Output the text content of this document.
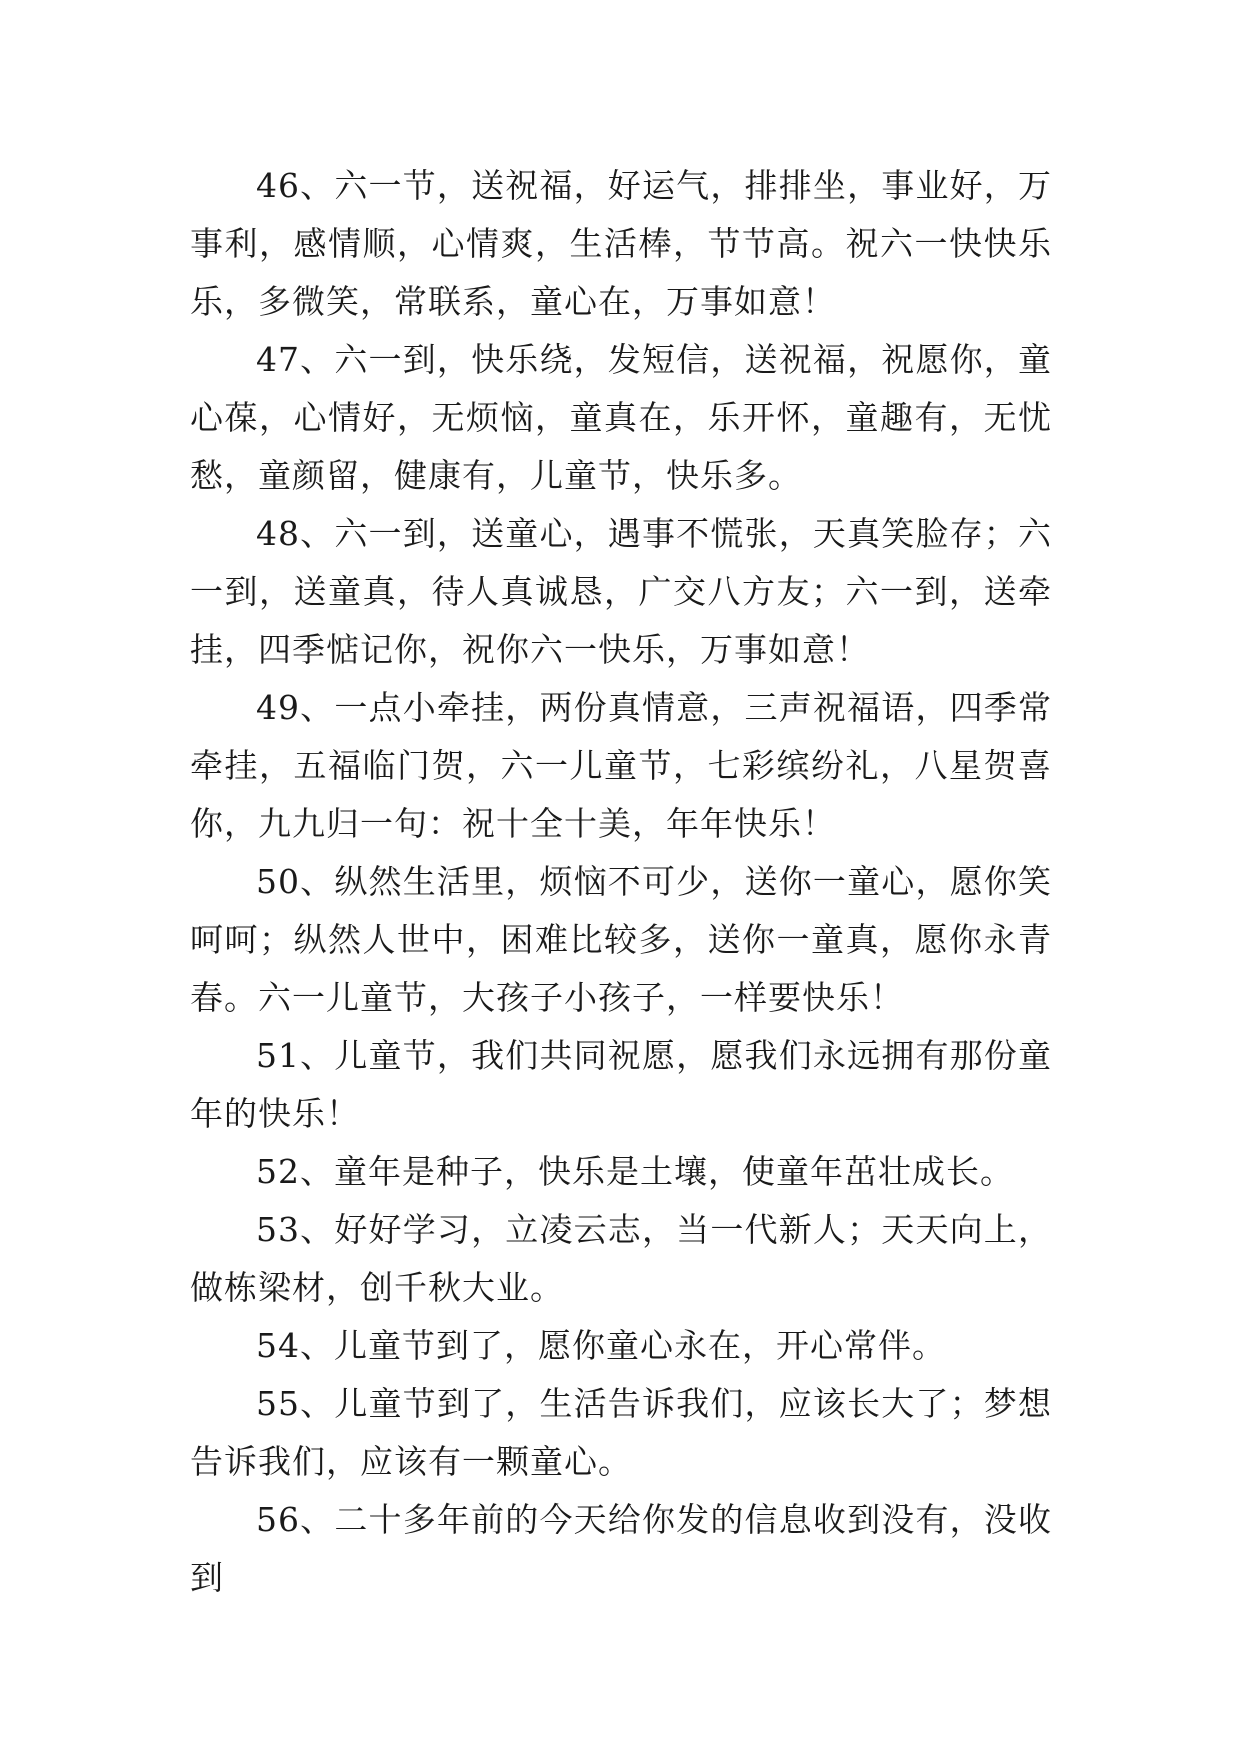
46、六一节，送祝福，好运气，排排坐，事业好，万事利，感情顺，心情爽，生活棒，节节高。祝六一快快乐乐，多微笑，常联系，童心在，万事如意！

47、六一到，快乐绕，发短信，送祝福，祝愿你，童心葆，心情好，无烦恼，童真在，乐开怀，童趣有，无忧愁，童颜留，健康有，儿童节，快乐多。

48、六一到，送童心，遇事不慌张，天真笑脸存；六一到，送童真，待人真诚恳，广交八方友；六一到，送牵挂，四季惦记你，祝你六一快乐，万事如意！

49、一点小牵挂，两份真情意，三声祝福语，四季常牵挂，五福临门贺，六一儿童节，七彩缤纷礼，八星贺喜你，九九归一句：祝十全十美，年年快乐！

50、纵然生活里，烦恼不可少，送你一童心，愿你笑呵呵；纵然人世中，困难比较多，送你一童真，愿你永青春。六一儿童节，大孩子小孩子，一样要快乐！

51、儿童节，我们共同祝愿，愿我们永远拥有那份童年的快乐！

52、童年是种子，快乐是土壤，使童年茁壮成长。

53、好好学习，立凌云志，当一代新人；天天向上，做栋梁材，创千秋大业。

54、儿童节到了，愿你童心永在，开心常伴。

55、儿童节到了，生活告诉我们，应该长大了；梦想告诉我们，应该有一颗童心。

56、二十多年前的今天给你发的信息收到没有，没收到
